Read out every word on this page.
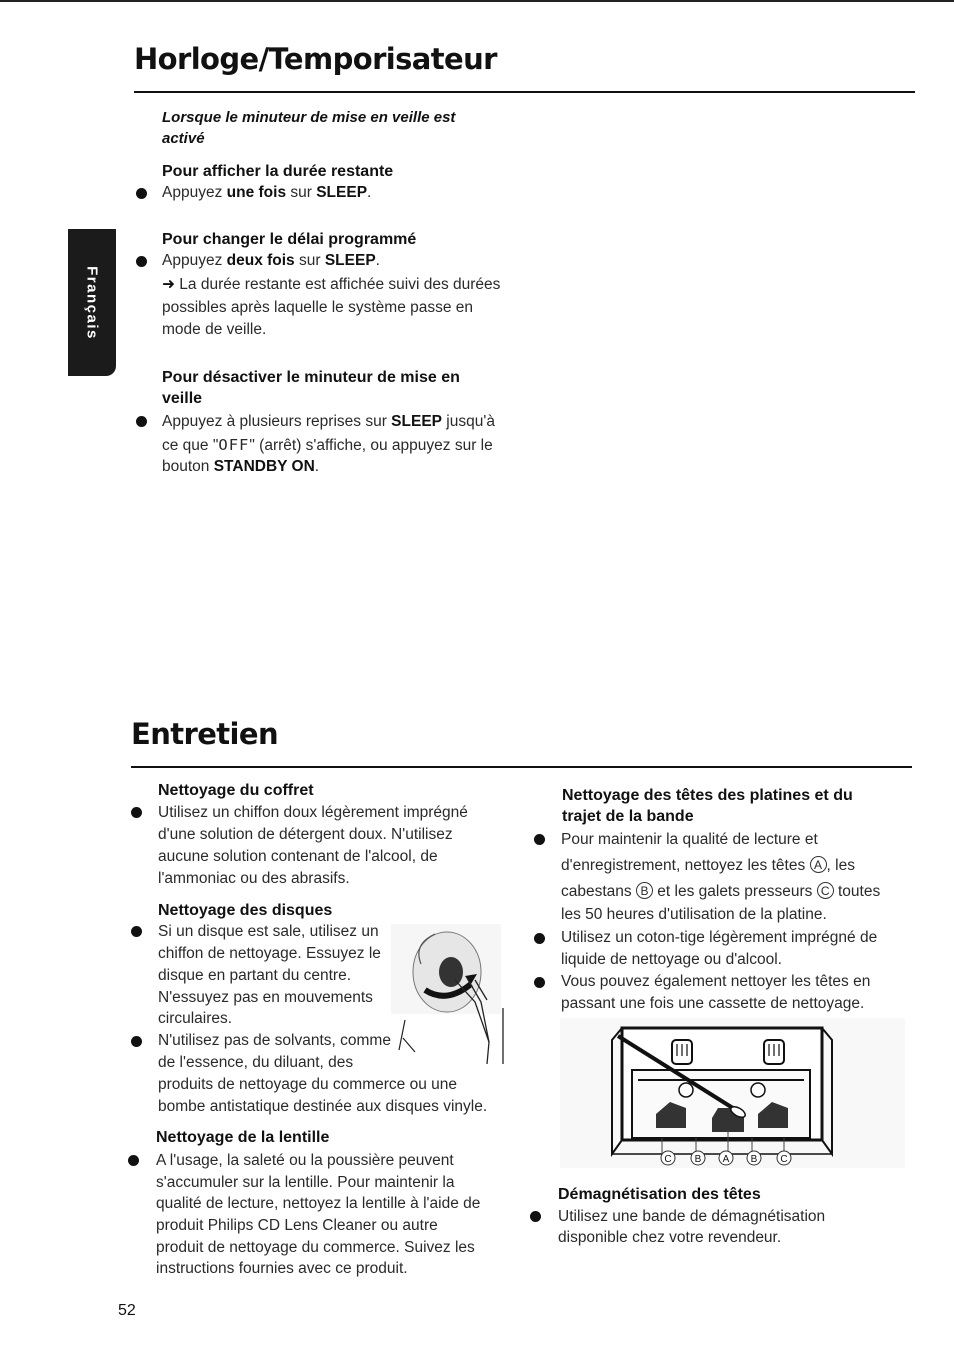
Français
Horloge/Temporisateur
Lorsque le minuteur de mise en veille est
activé
Pour afficher la durée restante
Appuyez une fois sur SLEEP.
Pour changer le délai programmé
Appuyez deux fois sur SLEEP.
➜ La durée restante est affichée suivi des durées
possibles après laquelle le système passe en
mode de veille.
Pour désactiver le minuteur de mise en
veille
Appuyez à plusieurs reprises sur SLEEP jusqu'à
ce que "OFF" (arrêt) s'affiche, ou appuyez sur le
bouton STANDBY ON.
Entretien
Nettoyage du coffret
Utilisez un chiffon doux légèrement imprégné
d'une solution de détergent doux. N'utilisez
aucune solution contenant de l'alcool, de
l'ammoniac ou des abrasifs.
Nettoyage des disques
Si un disque est sale, utilisez un
chiffon de nettoyage. Essuyez le
disque en partant du centre.
N'essuyez pas en mouvements
circulaires.
N'utilisez pas de solvants, comme
de l'essence, du diluant, des
produits de nettoyage du commerce ou une
bombe antistatique destinée aux disques vinyle.
Nettoyage de la lentille
A l'usage, la saleté ou la poussière peuvent
s'accumuler sur la lentille. Pour maintenir la
qualité de lecture, nettoyez la lentille à l'aide de
produit Philips CD Lens Cleaner ou autre
produit de nettoyage du commerce. Suivez les
instructions fournies avec ce produit.
Nettoyage des têtes des platines et du
trajet de la bande
Pour maintenir la qualité de lecture et
d'enregistrement, nettoyez les têtes A , les
cabestans B et les galets presseurs C toutes
les 50 heures d'utilisation de la platine.
Utilisez un coton-tige légèrement imprégné de
liquide de nettoyage ou d'alcool.
Vous pouvez également nettoyer les têtes en
passant une fois une cassette de nettoyage.
C B A B C
Démagnétisation des têtes
Utilisez une bande de démagnétisation
disponible chez votre revendeur.
52
